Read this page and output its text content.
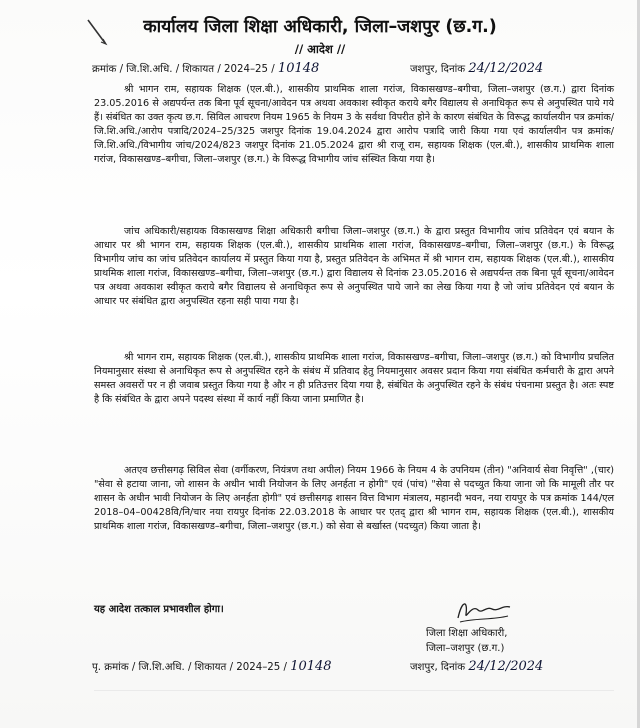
कार्यालय जिला शिक्षा अधिकारी, जिला–जशपुर (छ.ग.)
// आदेश //
क्रमांक / जि.शि.अधि. / शिकायत / 2024–25 / 10148	जशपुर, दिनांक 24/12/2024

श्री भागन राम, सहायक शिक्षक (एल.बी.), शासकीय प्राथमिक शाला गरांज, विकासखण्ड–बगीचा, जिला–जशपुर (छ.ग.) द्वारा दिनांक 23.05.2016 से अद्यपर्यन्त तक बिना पूर्व सूचना/आवेदन पत्र अथवा अवकाश स्वीकृत कराये बगैर विद्यालय से अनाधिकृत रूप से अनुपस्थित पाये गये हैं। संबंधित का उक्त कृत्य छ.ग. सिविल आचरण नियम 1965 के नियम 3 के सर्वथा विपरीत होने के कारण संबंधित के विरूद्ध कार्यालयीन पत्र क्रमांक/जि.शि.अधि./आरोप पत्रादि/2024–25/325 जशपुर दिनांक 19.04.2024 द्वारा आरोप पत्रादि जारी किया गया एवं कार्यालयीन पत्र क्रमांक/जि.शि.अधि./विभागीय जांच/2024/823 जशपुर दिनांक 21.05.2024 द्वारा श्री राजू राम, सहायक शिक्षक (एल.बी.), शासकीय प्राथमिक शाला गरांज, विकासखण्ड–बगीचा, जिला–जशपुर (छ.ग.) के विरूद्ध विभागीय जांच संस्थित किया गया है।

जांच अधिकारी/सहायक विकासखण्ड शिक्षा अधिकारी बगीचा जिला–जशपुर (छ.ग.) के द्वारा प्रस्तुत विभागीय जांच प्रतिवेदन एवं बयान के आधार पर श्री भागन राम, सहायक शिक्षक (एल.बी.), शासकीय प्राथमिक शाला गरांज, विकासखण्ड–बगीचा, जिला–जशपुर (छ.ग.) के विरूद्ध विभागीय जांच का जांच प्रतिवेदन कार्यालय में प्रस्तुत किया गया है, प्रस्तुत प्रतिवेदन के अभिमत में श्री भागन राम, सहायक शिक्षक (एल.बी.), शासकीय प्राथमिक शाला गरांज, विकासखण्ड–बगीचा, जिला–जशपुर (छ.ग.) द्वारा विद्यालय से दिनांक 23.05.2016 से अद्यपर्यन्त तक बिना पूर्व सूचना/आवेदन पत्र अथवा अवकाश स्वीकृत कराये बगैर विद्यालय से अनाधिकृत रूप से अनुपस्थित पाये जाने का लेख किया गया है जो जांच प्रतिवेदन एवं बयान के आधार पर संबंधित द्वारा अनुपस्थित रहना सही पाया गया है।

श्री भागन राम, सहायक शिक्षक (एल.बी.), शासकीय प्राथमिक शाला गरांज, विकासखण्ड–बगीचा, जिला–जशपुर (छ.ग.) को विभागीय प्रचलित नियमानुसार संस्था से अनाधिकृत रूप से अनुपस्थित रहने के संबंध में प्रतिवाद हेतु नियमानुसार अवसर प्रदान किया गया संबंधित कर्मचारी के द्वारा अपने समस्त अवसरों पर न ही जवाब प्रस्तुत किया गया है और न ही प्रतिउत्तर दिया गया है, संबंधित के अनुपस्थित रहने के संबंध पंचनामा प्रस्तुत है। अतः स्पष्ट है कि संबंधित के द्वारा अपने पदस्थ संस्था में कार्य नहीं किया जाना प्रमाणित है।

अतएव छत्तीसगढ़ सिविल सेवा (वर्गीकरण, नियंत्रण तथा अपील) नियम 1966 के नियम 4 के उपनियम (तीन) "अनिवार्य सेवा निवृत्ति" ,(चार) "सेवा से हटाया जाना, जो शासन के अधीन भावी नियोजन के लिए अनर्हता न होगी" एवं (पांच) "सेवा से पदच्युत किया जाना जो कि मामूली तौर पर शासन के अधीन भावी नियोजन के लिए अनर्हता होगी" एवं छत्तीसगढ़ शासन वित्त विभाग मंत्रालय, महानदी भवन, नया रायपुर के पत्र क्रमांक 144/एल 2018–04–00428वि/नि/चार नया रायपुर दिनांक 22.03.2018 के आधार पर एतद् द्वारा श्री भागन राम, सहायक शिक्षक (एल.बी.), शासकीय प्राथमिक शाला गरांज, विकासखण्ड–बगीचा, जिला–जशपुर (छ.ग.) को सेवा से बर्खास्त (पदच्युत) किया जाता है।

यह आदेश तत्काल प्रभावशील होगा।
जिला शिक्षा अधिकारी,
जिला–जशपुर (छ.ग.)
पृ. क्रमांक / जि.शि.अधि. / शिकायत / 2024–25 / 10148	जशपुर, दिनांक 24/12/2024
